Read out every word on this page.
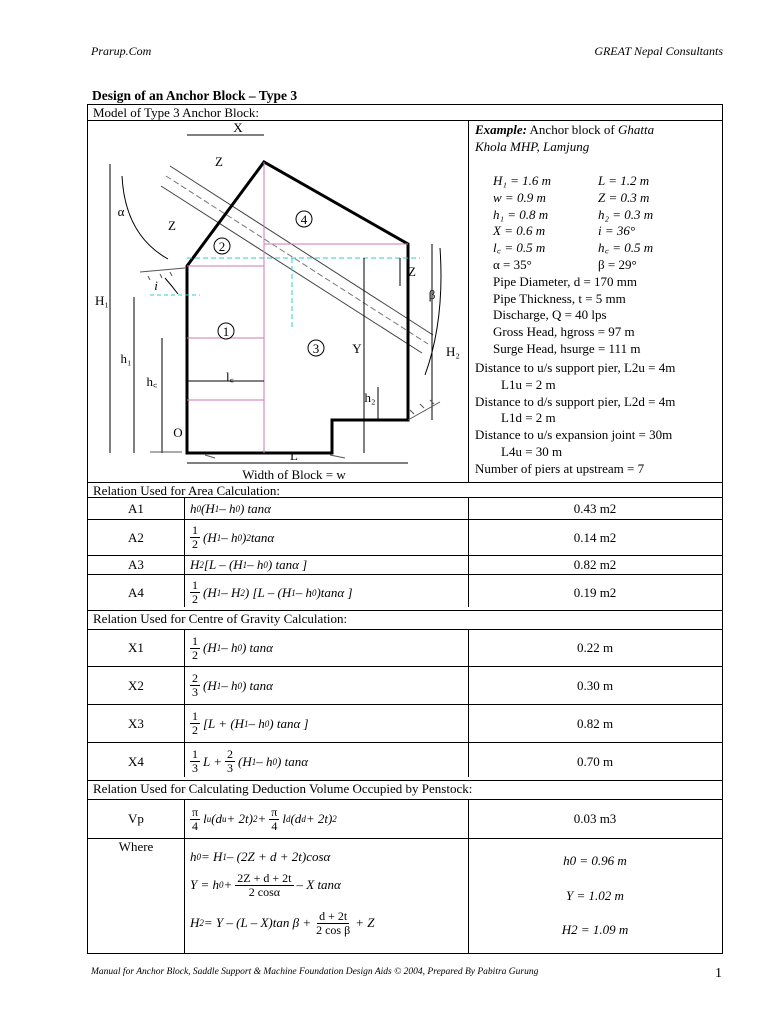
Prarup.Com	GREAT Nepal Consultants
Design of an Anchor Block – Type 3
Model of Type 3 Anchor Block:
1
2
3
4
X
Z
Z
Z
α
β
i
H₁
H₂
h₁
h꜀	l꜀
h₂
Y
O
L
Width of Block = w
Example: Anchor block of Ghatta
Khola MHP, Lamjung
H₁ = 1.6 m	L = 1.2 m
w = 0.9 m	Z = 0.3 m
h₁ = 0.8 m	h₂ = 0.3 m
X = 0.6 m	i = 36°
l꜀ = 0.5 m	h꜀ = 0.5 m
α = 35°	β = 29°
Pipe Diameter, d = 170 mm
Pipe Thickness, t = 5 mm
Discharge, Q = 40 lps
Gross Head, hgross = 97 m
Surge Head, hsurge = 111 m
Distance to u/s support pier, L2u = 4m
L1u = 2 m
Distance to d/s support pier, L2d = 4m
L1d = 2 m
Distance to u/s expansion joint = 30m
L4u = 30 m
Number of piers at upstream = 7
Relation Used for Area Calculation:
A1	h 0 (H 1 – h 0 ) tanα	0.43 m2
A2	$\frac{1}{2} (H$ 1 – h 0 ) 2 tanα	0.14 m2
A3	H 2 [L – (H 1 – h 0 ) tanα ]	0.82 m2
A4	$\frac{1}{2} (H$ 1 – H 2 ) [L – (H 1 – h 0 )tanα ]	0.19 m2
Relation Used for Centre of Gravity Calculation:
X1	$\frac{1}{2} (H$ 1 – h 0 ) tanα	0.22 m
X2	$\frac{2}{3} (H$ 1 – h 0 ) tanα	0.30 m
X3	$\frac{1}{2} [L + (H$ 1 – h 0 ) tanα ]	0.82 m
X4	$\frac{1}{3}$ $L + \frac{2}{3} (H$ 1 – h 0 ) tanα	0.70 m
Relation Used for Calculating Deduction Volume Occupied by Penstock:
Vp	$\frac{\pi}{4}$ l u (d u + 2t) $2 + \frac{\pi}{4}$ l d (d d + 2t) 2	0.03 m3
Where
h 0 = H 1 – (2Z + d + 2t)cosα
Y = h $0 + \frac{2Z + d + 2t}{2 \cos\alpha} - X$ tanα
H 2 = Y – (L – X)tan $\beta + \frac{d + 2t}{\text{2 cos β}} + Z$
h0 = 0.96 m
Y = 1.02 m
H2 = 1.09 m
Manual for Anchor Block, Saddle Support & Machine Foundation Design Aids © 2004, Prepared By Pabitra Gurung	1
